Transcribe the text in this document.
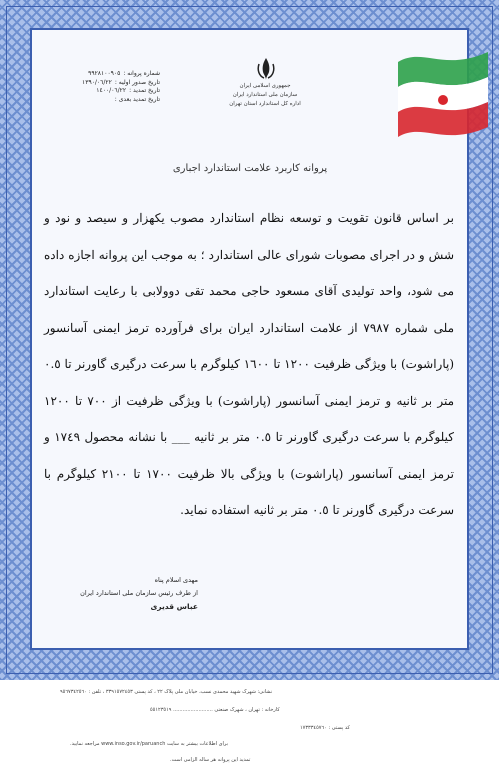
جمهوری اسلامی ایران
سازمان ملی استاندارد ایران
اداره کل استاندارد استان تهران
شماره پروانه :
٩٩٢٨١٠٠٩٠٥
تاریخ صدور اولیه :
١٣٩٠/٠٦/٢٢
تاریخ تمدید :
١٤٠٠/٠٦/٢٢
تاریخ تمدید بعدی :
پروانه کاربرد علامت استاندارد اجباری

بر اساس قانون تقویت و توسعه نظام استاندارد مصوب یکهزار و سیصد و نود و شش و در اجرای مصوبات شورای عالی استاندارد ؛ به موجب این پروانه اجازه داده می شود، واحد تولیدی آقای مسعود حاجی محمد تقی دوولابی با رعایت استاندارد ملی شماره ٧٩٨٧ از علامت استاندارد ایران برای فرآورده ترمز ایمنی آسانسور (پاراشوت) با ویژگی ظرفیت ١٢٠٠ تا ١٦٠٠ کیلوگرم با سرعت درگیری گاورنر تا ٠.٥ متر بر ثانیه و ترمز ایمنی آسانسور (پاراشوت) با ویژگی ظرفیت از ٧٠٠ تا ١٢٠٠ کیلوگرم با سرعت درگیری گاورنر تا ٠.٥ متر بر ثانیه ___ با نشانه محصول ١٧٤٩ و ترمز ایمنی آسانسور (پاراشوت) با ویژگی بالا ظرفیت ١٧٠٠ تا ٢١٠٠ کیلوگرم با سرعت درگیری گاورنر تا ٠.٥ متر بر ثانیه استفاده نماید.

مهدی اسلام پناه
از طرف رئیس سازمان ملی استاندارد ایران
عباس قدیری
نشانی: شهرک شهید محمدی نسب، خیابان ملی پلاک ٢٢ ، کد پستی ٣٣٩١٥٧٢٤٥٣ ، تلفن : ٩٥٦٧٣٤٢٥٦٠
کارخانه : تهران ، شهرک صنعتی ......................... ٥٥١٢٣٥١٩
کد پستی : ١٧٣٣٣٤٥٧٦٠
برای اطلاعات بیشتر به سایت www.inso.gov.ir/paruanch مراجعه نمایید.
تمدید این پروانه هر ساله الزامی است.
